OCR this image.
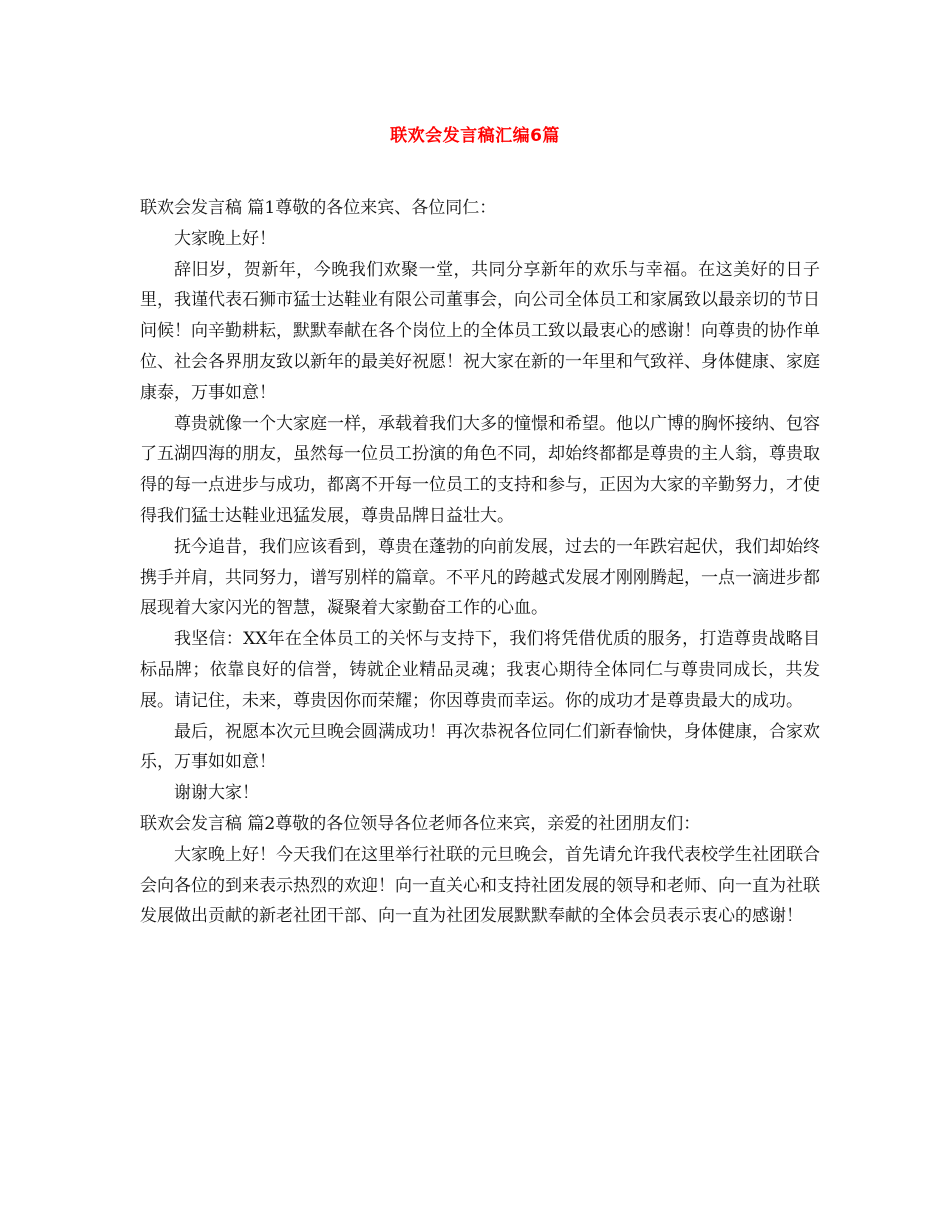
联欢会发言稿汇编6篇

联欢会发言稿 篇1尊敬的各位来宾、各位同仁：

大家晚上好！

辞旧岁，贺新年，今晚我们欢聚一堂，共同分享新年的欢乐与幸福。在这美好的日子里，我谨代表石狮市猛士达鞋业有限公司董事会，向公司全体员工和家属致以最亲切的节日问候！向辛勤耕耘，默默奉献在各个岗位上的全体员工致以最衷心的感谢！向尊贵的协作单位、社会各界朋友致以新年的最美好祝愿！祝大家在新的一年里和气致祥、身体健康、家庭康泰，万事如意！

尊贵就像一个大家庭一样，承载着我们大多的憧憬和希望。他以广博的胸怀接纳、包容了五湖四海的朋友，虽然每一位员工扮演的角色不同，却始终都都是尊贵的主人翁，尊贵取得的每一点进步与成功，都离不开每一位员工的支持和参与，正因为大家的辛勤努力，才使得我们猛士达鞋业迅猛发展，尊贵品牌日益壮大。

抚今追昔，我们应该看到，尊贵在蓬勃的向前发展，过去的一年跌宕起伏，我们却始终携手并肩，共同努力，谱写别样的篇章。不平凡的跨越式发展才刚刚腾起，一点一滴进步都展现着大家闪光的智慧，凝聚着大家勤奋工作的心血。

我坚信：XX年在全体员工的关怀与支持下，我们将凭借优质的服务，打造尊贵战略目标品牌；依靠良好的信誉，铸就企业精品灵魂；我衷心期待全体同仁与尊贵同成长，共发展。请记住，未来，尊贵因你而荣耀；你因尊贵而幸运。你的成功才是尊贵最大的成功。

最后，祝愿本次元旦晚会圆满成功！再次恭祝各位同仁们新春愉快，身体健康，合家欢乐，万事如如意！

谢谢大家！

联欢会发言稿 篇2尊敬的各位领导各位老师各位来宾，亲爱的社团朋友们：

大家晚上好！今天我们在这里举行社联的元旦晚会，首先请允许我代表校学生社团联合会向各位的到来表示热烈的欢迎！向一直关心和支持社团发展的领导和老师、向一直为社联发展做出贡献的新老社团干部、向一直为社团发展默默奉献的全体会员表示衷心的感谢！
